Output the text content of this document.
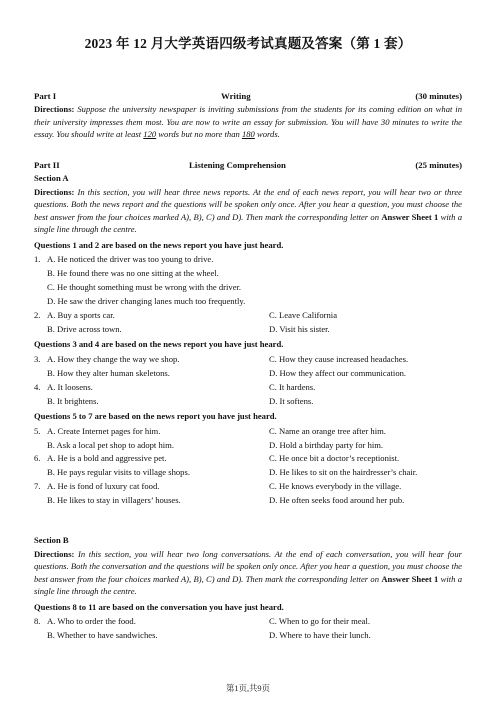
2023 年 12 月大学英语四级考试真题及答案（第 1 套）
Part I	Writing	(30 minutes)
Directions: Suppose the university newspaper is inviting submissions from the students for its coming edition on what in their university impresses them most. You are now to write an essay for submission. You will have 30 minutes to write the essay. You should write at least 120 words but no more than 180 words.
Part II	Listening Comprehension	(25 minutes)
Section A
Directions: In this section, you will hear three news reports. At the end of each news report, you will hear two or three questions. Both the news report and the questions will be spoken only once. After you hear a question, you must choose the best answer from the four choices marked A), B), C) and D). Then mark the corresponding letter on Answer Sheet 1 with a single line through the centre.
Questions 1 and 2 are based on the news report you have just heard.
1. A. He noticed the driver was too young to drive.
B. He found there was no one sitting at the wheel.
C. He thought something must be wrong with the driver.
D. He saw the driver changing lanes much too frequently.
2. A. Buy a sports car.	C. Leave California
B. Drive across town.	D. Visit his sister.
Questions 3 and 4 are based on the news report you have just heard.
3. A. How they change the way we shop.	C. How they cause increased headaches.
B. How they alter human skeletons.	D. How they affect our communication.
4. A. It loosens.	C. It hardens.
B. It brightens.	D. It softens.
Questions 5 to 7 are based on the news report you have just heard.
5. A. Create Internet pages for him.	C. Name an orange tree after him.
B. Ask a local pet shop to adopt him.	D. Hold a birthday party for him.
6. A. He is a bold and aggressive pet.	C. He once bit a doctor’s receptionist.
B. He pays regular visits to village shops.	D. He likes to sit on the hairdresser’s chair.
7. A. He is fond of luxury cat food.	C. He knows everybody in the village.
B. He likes to stay in villagers’ houses.	D. He often seeks food around her pub.
Section B
Directions: In this section, you will hear two long conversations. At the end of each conversation, you will hear four questions. Both the conversation and the questions will be spoken only once. After you hear a question, you must choose the best answer from the four choices marked A), B), C) and D). Then mark the corresponding letter on Answer Sheet 1 with a single line through the centre.
Questions 8 to 11 are based on the conversation you have just heard.
8. A. Who to order the food.	C. When to go for their meal.
B. Whether to have sandwiches.	D. Where to have their lunch.
第1页,共9页
